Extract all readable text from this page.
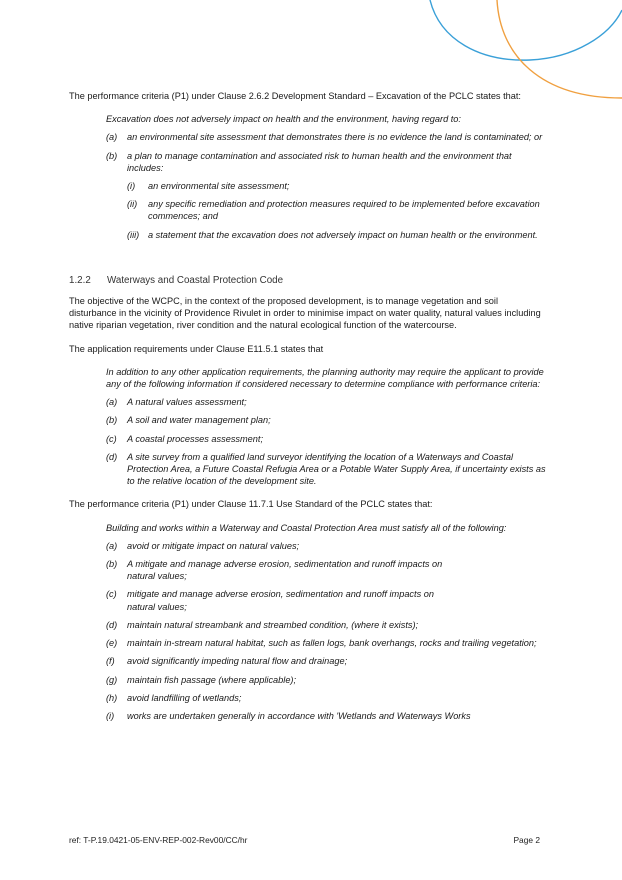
The performance criteria (P1) under Clause 2.6.2 Development Standard – Excavation of the PCLC states that:

Excavation does not adversely impact on health and the environment, having regard to:

(a)	an environmental site assessment that demonstrates there is no evidence the land is contaminated; or
(b)	a plan to manage contamination and associated risk to human health and the environment that includes:
(i)	an environmental site assessment;
(ii)	any specific remediation and protection measures required to be implemented before excavation commences; and
(iii) a statement that the excavation does not adversely impact on human health or the environment.
1.2.2	Waterways and Coastal Protection Code

The objective of the WCPC, in the context of the proposed development, is to manage vegetation and soil disturbance in the vicinity of Providence Rivulet in order to minimise impact on water quality, natural values including native riparian vegetation, river condition and the natural ecological function of the watercourse.

The application requirements under Clause E11.5.1 states that

In addition to any other application requirements, the planning authority may require the applicant to provide any of the following information if considered necessary to determine compliance with performance criteria:

(a)	A natural values assessment;
(b)	A soil and water management plan;
(c)	A coastal processes assessment;
(d)	A site survey from a qualified land surveyor identifying the location of a Waterways and Coastal Protection Area, a Future Coastal Refugia Area or a Potable Water Supply Area, if uncertainty exists as to the relative location of the development site.

The performance criteria (P1) under Clause 11.7.1 Use Standard of the PCLC states that:

Building and works within a Waterway and Coastal Protection Area must satisfy all of the following:

(a)	avoid or mitigate impact on natural values;
(b)	A mitigate and manage adverse erosion, sedimentation and runoff impacts on natural values;
(c)	mitigate and manage adverse erosion, sedimentation and runoff impacts on natural values;
(d)	maintain natural streambank and streambed condition, (where it exists);
(e)	maintain in-stream natural habitat, such as fallen logs, bank overhangs, rocks and trailing vegetation;
(f)	avoid significantly impeding natural flow and drainage;
(g)	maintain fish passage (where applicable);
(h)	avoid landfilling of wetlands;
(i)	works are undertaken generally in accordance with 'Wetlands and Waterways Works
ref: T-P.19.0421-05-ENV-REP-002-Rev00/CC/hr	Page 2
